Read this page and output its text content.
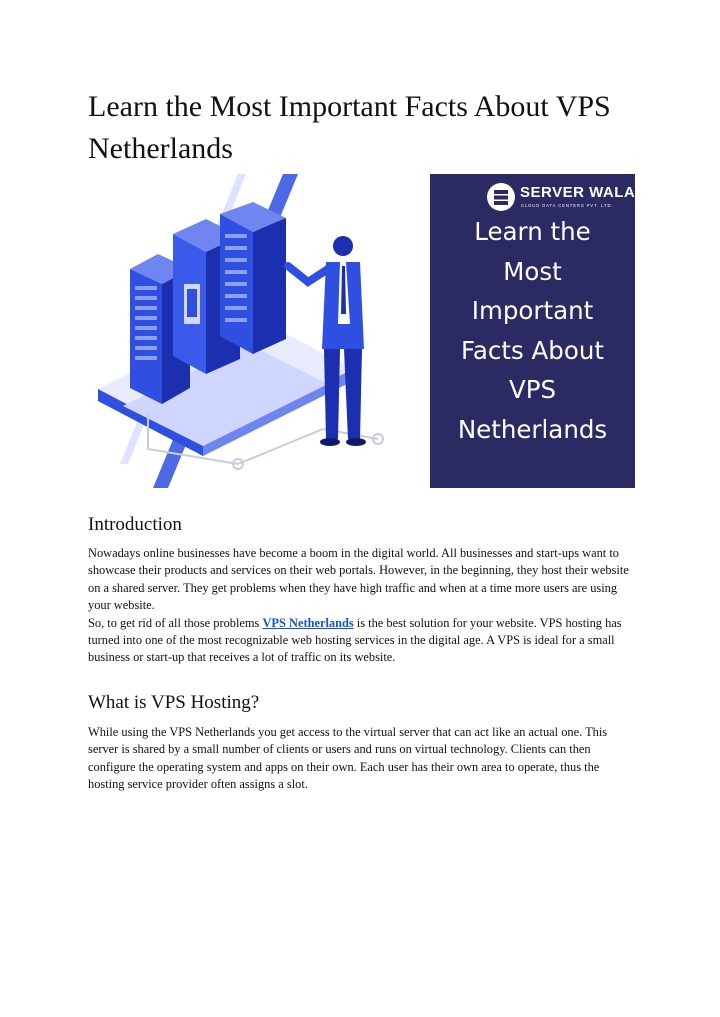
Learn the Most Important Facts About VPS Netherlands
SERVER WALA
CLOUD DATA CENTERS PVT. LTD.
Learn the
Most
Important
Facts About
VPS
Netherlands
Introduction

Nowadays online businesses have become a boom in the digital world. All businesses and start-ups want to showcase their products and services on their web portals. However, in the beginning, they host their website on a shared server. They get problems when they have high traffic and when at a time more users are using your website.

So, to get rid of all those problems VPS Netherlands is the best solution for your website. VPS hosting has turned into one of the most recognizable web hosting services in the digital age. A VPS is ideal for a small business or start-up that receives a lot of traffic on its website.

What is VPS Hosting?

While using the VPS Netherlands you get access to the virtual server that can act like an actual one. This server is shared by a small number of clients or users and runs on virtual technology. Clients can then configure the operating system and apps on their own. Each user has their own area to operate, thus the hosting service provider often assigns a slot.
